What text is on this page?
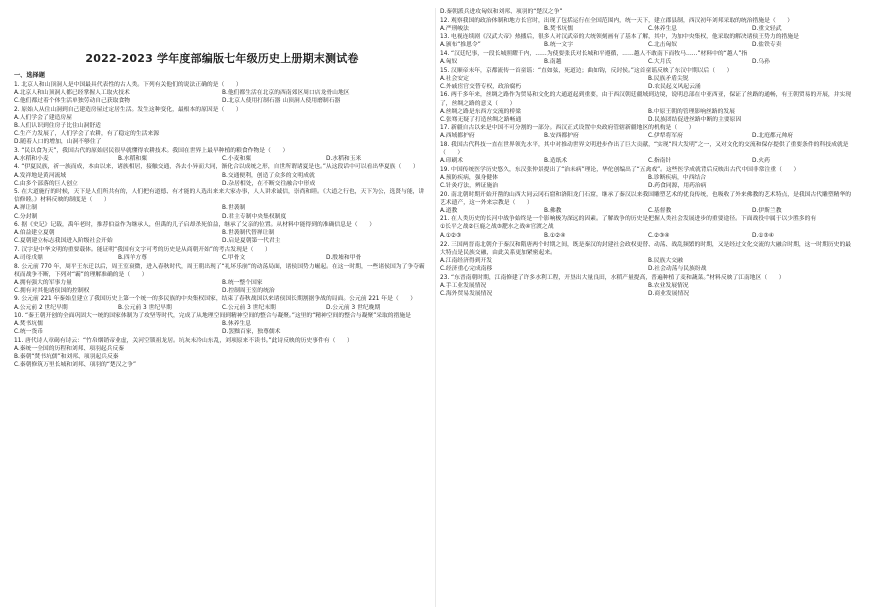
2022-2023 学年度部编版七年级历史上册期末测试卷
一、选择题
1. 北京人和山顶洞人是中国最具代表性的古人类。下列有关他们的说法正确的是（　　）
A.北京人和山顶洞人都已经掌握人工取火技术	B.他们都生活在北京的西南郊区周口店龙骨山地区
C.他们都过着个体生活单独劳动自己获取食物	D.北京人使用打制石器 山顶洞人使用磨制石器
2. 原始人从住山洞到自己建造房屋过定居生活。发生这种变化，最根本的原因是（　　）
A.人们学会了建造房屋
B.人们认识到住房子比住山洞舒适
C.生产力发展了，人们学会了农耕，有了稳定的生活来源
D.随着人口的增加，山洞不够住了
3. “民以食为天”，我国古代的原始居民很早就懂得农耕技术。我国在世界上最早种植的粮食作物是（　　）
A.水稻和小麦	B.水稻和粟	C.小麦和粟	D.水稻和玉米
4. “伊夏民族，祈一族而成，本由以来，诸族相居，接触交通，各去小异而大同，渐化合以成统之形，自世所谓诸夏是也。”从这段话中可以看出华夏族（　　）
A.发祥地是黄河流域	B.交通便利，创造了众多的文明成就
C.由多个部落的巨人创立	D.杂居相处，在不断交往融合中形成
5. 在大道施行的时候，天下是人们所共有的，人们把有道德、有才能的人选出来来大家办事，人人讲求诚信，崇尚和睦。《大道之行也，天下为公，选贤与能，讲信修睦。》材料反映的制度是（　　）
A.禅让制	B.世袭制
C.分封制	D.君主专制中央集权制度
6. 据《史记》记载，禹年老时，推荐伯益作为继承人，但禹的儿子启却杀死伯益，继承了父亲的位置。从材料中能得到的准确信息是（　　）
A.伯益建立夏朝	B.世袭制代替禅让制
C.夏朝建立标志我国进入阶级社会开始	D.启是夏朝第一代君主
7. 汉字是中华文明的重要载体。能证明“我国有文字可考的历史是从商朝开始”的考古发现是（　　）
A.司母戊鼎	B.四羊方尊	C.甲骨文	D.殷墟和甲骨
8. 公元前 770 年，周平王东迁以后，周王室衰微，进入春秋时代，周王朝出现了“礼坏乐崩”的动荡局面，诸侯国势力崛起。在这一时期，一些诸侯国为了争夺霸权而战争不断，下列对“霸”的理解准确的是（　　）
A.拥有强大的军事力量	B.统一整个国家
C.拥有对其他诸侯国的控制权	D.控制周王室的统治
9. 公元前 221 年秦始皇建立了我国历史上第一个统一的多民族的中央集权国家，结束了春秋战国以来诸侯国长期割据争战的局面。公元前 221 年是（　　）
A.公元前 2 世纪早期	B.公元前 3 世纪早期	C.公元前 3 世纪末期	D.公元前 3 世纪晚期
10. “秦王朝开创的全面巩固大一统的国家体制为了攻坚等时代，完成了从地理空间到精神空间的整合与凝聚。”这里的“精神空间的整合与凝聚”采取的措施是
A.焚书坑儒	B.休养生息
C.统一货币	D.罢黜百家，独尊儒术
11. 唐代诗人章碣有诗云：“竹帛烟销帝业虚，关河空锁祖龙居。坑灰未冷山东乱，刘项原来不读书。”此诗反映的历史事件有（　　）
A.秦统一全国的历程和刘邦、项羽起兵反秦
B.秦朝“焚书坑儒”和刘邦、项羽起兵反秦
C.秦朝修筑万里长城和刘邦、项羽的“楚汉之争”
D.秦朝派兵进攻匈奴和刘邦、项羽的“楚汉之争”
12. 观察我国的政治体制和地方长官时，出现了包括运行在全国范围内，统一天下，建立郡县制，西汉初年刘邦采取的统治措施是（　　）
A.严刑峻法	B.焚书坑儒	C.休养生息	D.重文轻武
13. 电视连续剧《汉武大帝》热播后，很多人对汉武帝的大统领刻画有了基本了解，其中，为加中央集权，他采取的解决诸侯王势力的措施是
A.颁布“推恩令”	B.统一文字	C.北击匈奴	D.盐铁专卖
14. “汉廷纪事，一段长城照耀千内，……为使要张氏对长城和平遵循，……越人不敢南下而牧马……”材料中的“越人”指
A.匈奴	B.南越	C.大月氏	D.乌孙
15. 汉顺帝末年，京都流传一首童谣：“直如弦，死道边；曲如钩，反封侯。”这首童谣反映了东汉中期以后（　　）
A.社会安定	B.民族矛盾尖锐
C.外戚宦官交替专权，政治腐朽	D.农民起义风起云涌
16. 两千多年来，丝绸之路作为贸易和文化的大通道起到重要，由于西汉朝廷疆域到边境，说明总部在中亚西亚，保证了丝路的通畅，有王朝贸易的开展，并实现了，丝绸之路的意义（　　）
A.丝绸之路是东西方交流的桥梁	B.中原王朝的管理影响丝路的发展
C.张骞无疑了打造丝绸之路畅通	D.民族团结促进丝路中断的主要原因
17. 新疆自古以来是中国不可分割的一部分。西汉正式设置中央政府管辖新疆地区的机构是（　　）
A.西域都护府	B.安西都护府	C.伊犁将军府	D.北庭都元帅府
18. 我国古代科技一直在世界领先水平，其中对推动世界文明进步作出了巨大贡献，“实现“四大发明”之一，又对文化的交流和保存提供了重要条件的科技成就是（　　）
A.印刷术	B.造纸术	C.指南针	D.火药
19. 中国传统医学历史悠久，东汉张仲景提出了“治未病”理论，华佗创编出了“五禽戏”。这些医学成就背后反映出古代中国非常注重（　　）
A.预防疾病，强身健体	B.诊断疾病，中西结合
C.针灸疗法，辨证施治	D.药食同源，用药治病
20. 南北朝时期开始开凿的山西大同云冈石窟和洛阳龙门石窟，继承了秦汉以来我国雕塑艺术的优良传统，也吸收了外来佛教的艺术特点，是我国古代雕塑精华的艺术遗产，这一外来宗教是（　　）
A.道教	B.佛教	C.基督教	D.伊斯兰教
21. 在人类历史的长河中战争始终是一个影响极为深远的因素。了解战争的历史是把握人类社会发展进步的重要途径。下面战役中属于以少胜多的有
①长平之战②巨鹿之战③淝水之战④官渡之战
A.①②③	B.①②④	C.②③④	D.①③④
22. 三国两晋南北朝介于秦汉和隋唐两个时期之间，既是秦汉的封建社会政权更替、动荡、战乱频繁的时期，又是经过文化交流的大融合时期，这一时期历史的最大特点是民族交融，由此关系更加紧密起来。
A.江南经济得到开发	B.民族大交融
C.经济重心完成南移	D.社会动荡与民族纷战
23. “东晋南朝时期，江南修建了许多水利工程，开垦出大量良田，水稻产量提高，普遍种植了麦和蔬菜。”材料反映了江南地区（　　）
A.手工业发展情况	B.农业发展情况
C.海外贸易发展情况	D.商业发展情况
